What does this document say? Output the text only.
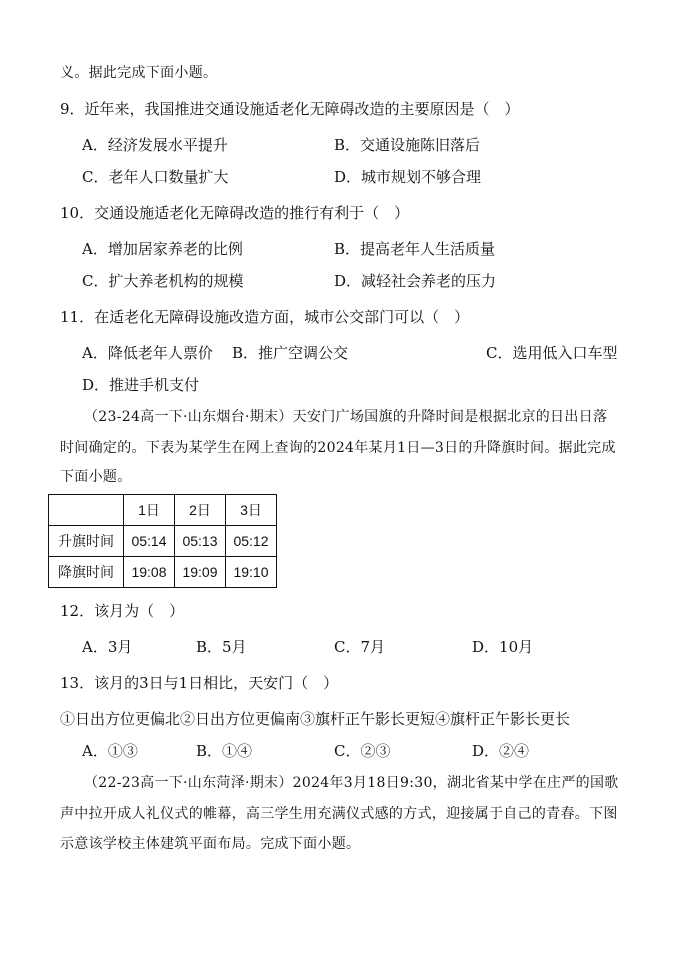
义。据此完成下面小题。
9．近年来，我国推进交通设施适老化无障碍改造的主要原因是（　）
A．经济发展水平提升	B．交通设施陈旧落后
C．老年人口数量扩大	D．城市规划不够合理
10．交通设施适老化无障碍改造的推行有利于（　）
A．增加居家养老的比例	B．提高老年人生活质量
C．扩大养老机构的规模	D．减轻社会养老的压力
11．在适老化无障碍设施改造方面，城市公交部门可以（　）
A．降低老年人票价 B．推广空调公交	C．选用低入口车型
D．推进手机支付
（23-24高一下·山东烟台·期末）天安门广场国旗的升降时间是根据北京的日出日落
时间确定的。下表为某学生在网上查询的2024年某月1日—3日的升降旗时间。据此完成
下面小题。
	1日	2日	3日
升旗时间	05:14	05:13	05:12
降旗时间	19:08	19:09	19:10
12．该月为（　）
A．3月	B．5月	C．7月	D．10月
13．该月的3日与1日相比，天安门（　）
①日出方位更偏北②日出方位更偏南③旗杆正午影长更短④旗杆正午影长更长
A．①③	B．①④	C．②③	D．②④
（22-23高一下·山东菏泽·期末）2024年3月18日9:30，湖北省某中学在庄严的国歌
声中拉开成人礼仪式的帷幕，高三学生用充满仪式感的方式，迎接属于自己的青春。下图
示意该学校主体建筑平面布局。完成下面小题。
